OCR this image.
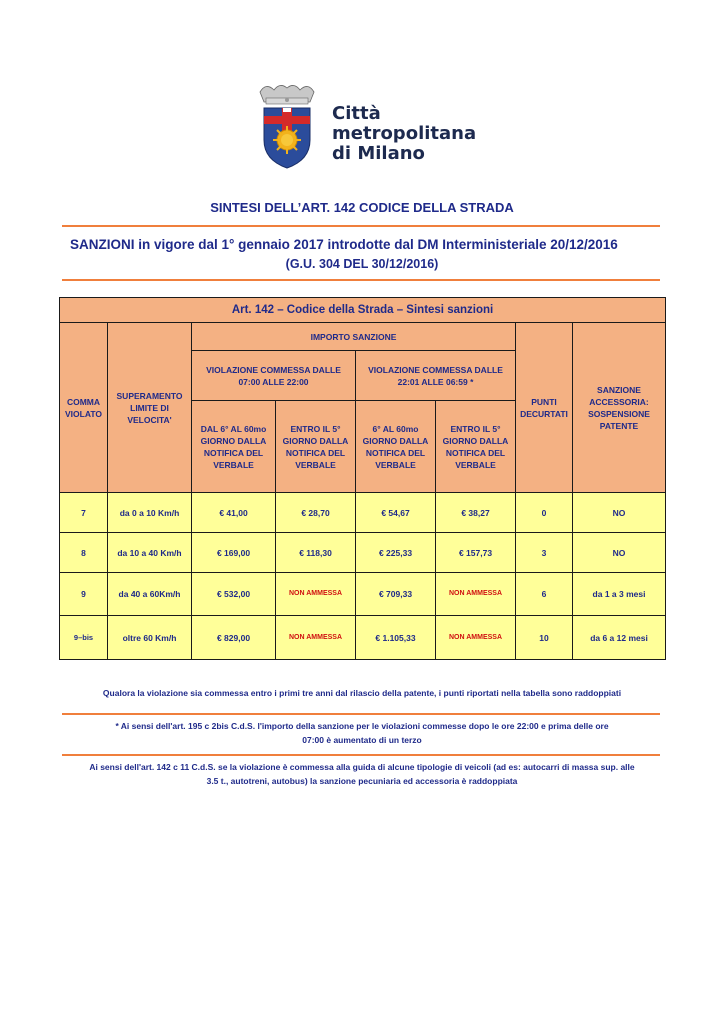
Città
metropolitana
di Milano
SINTESI DELL’ART. 142 CODICE DELLA STRADA
SANZIONI in vigore dal 1° gennaio 2017 introdotte dal DM Interministeriale 20/12/2016
(G.U. 304 DEL 30/12/2016)
Art. 142 – Codice della Strada – Sintesi sanzioni							
COMMA VIOLATO	SUPERAMENTO LIMITE DI VELOCITA'	IMPORTO SANZIONE				PUNTI DECURTATI	SANZIONE ACCESSORIA: SOSPENSIONE PATENTE
		VIOLAZIONE COMMESSA DALLE 07:00 ALLE 22:00		VIOLAZIONE COMMESSA DALLE 22:01 ALLE 06:59 *			
		DAL 6° AL 60mo GIORNO DALLA NOTIFICA DEL VERBALE	ENTRO IL 5° GIORNO DALLA NOTIFICA DEL VERBALE	6° AL 60mo GIORNO DALLA NOTIFICA DEL VERBALE	ENTRO IL 5° GIORNO DALLA NOTIFICA DEL VERBALE		
7	da 0 a 10 Km/h	€ 41,00	€ 28,70	€ 54,67	€ 38,27	0	NO
8	da 10 a 40 Km/h	€ 169,00	€ 118,30	€ 225,33	€ 157,73	3	NO
9	da 40 a 60Km/h	€ 532,00	NON AMMESSA	€ 709,33	NON AMMESSA	6	da 1 a 3 mesi
9–bis	oltre 60 Km/h	€ 829,00	NON AMMESSA	€ 1.105,33	NON AMMESSA	10	da 6 a 12 mesi
Qualora la violazione sia commessa entro i primi tre anni dal rilascio della patente, i punti riportati nella tabella sono raddoppiati
* Ai sensi dell'art. 195 c 2bis C.d.S. l'importo della sanzione per le violazioni commesse dopo le ore 22:00 e prima delle ore
07:00 è aumentato di un terzo
Ai sensi dell'art. 142 c 11 C.d.S. se la violazione è commessa alla guida di alcune tipologie di veicoli (ad es: autocarri di massa sup. alle
3.5 t., autotreni, autobus) la sanzione pecuniaria ed accessoria è raddoppiata
